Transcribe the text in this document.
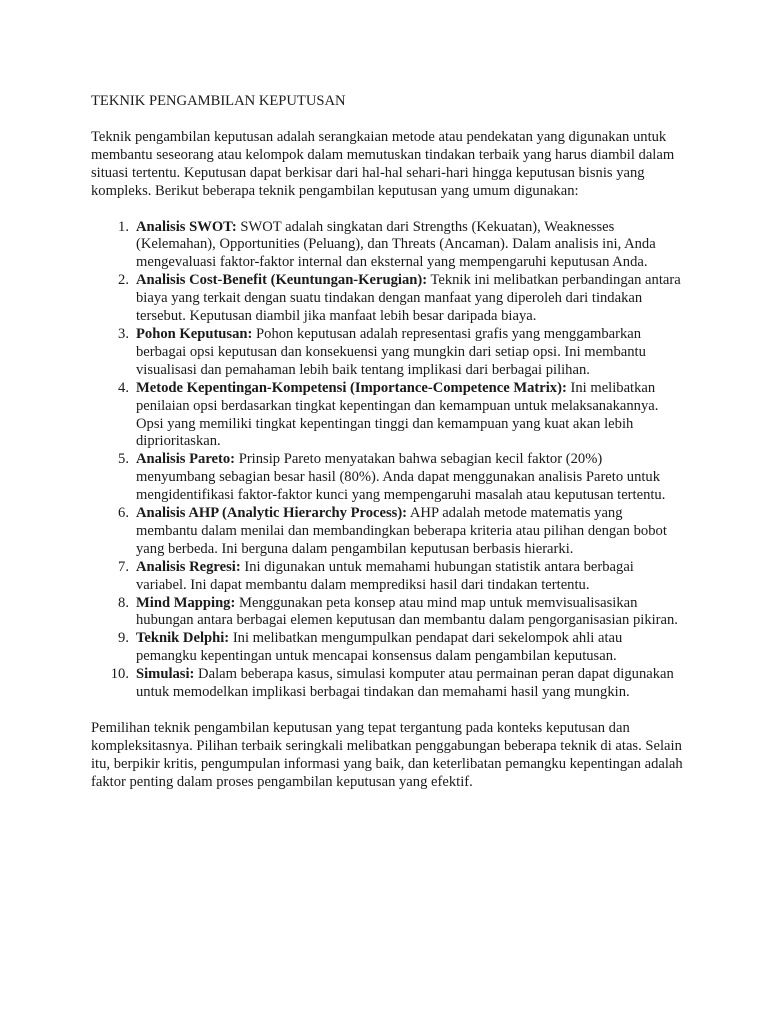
TEKNIK PENGAMBILAN KEPUTUSAN

Teknik pengambilan keputusan adalah serangkaian metode atau pendekatan yang digunakan untuk membantu seseorang atau kelompok dalam memutuskan tindakan terbaik yang harus diambil dalam situasi tertentu. Keputusan dapat berkisar dari hal-hal sehari-hari hingga keputusan bisnis yang kompleks. Berikut beberapa teknik pengambilan keputusan yang umum digunakan:

1. Analisis SWOT: SWOT adalah singkatan dari Strengths (Kekuatan), Weaknesses (Kelemahan), Opportunities (Peluang), dan Threats (Ancaman). Dalam analisis ini, Anda mengevaluasi faktor-faktor internal dan eksternal yang mempengaruhi keputusan Anda.
2. Analisis Cost-Benefit (Keuntungan-Kerugian): Teknik ini melibatkan perbandingan antara biaya yang terkait dengan suatu tindakan dengan manfaat yang diperoleh dari tindakan tersebut. Keputusan diambil jika manfaat lebih besar daripada biaya.
3. Pohon Keputusan: Pohon keputusan adalah representasi grafis yang menggambarkan berbagai opsi keputusan dan konsekuensi yang mungkin dari setiap opsi. Ini membantu visualisasi dan pemahaman lebih baik tentang implikasi dari berbagai pilihan.
4. Metode Kepentingan-Kompetensi (Importance-Competence Matrix): Ini melibatkan penilaian opsi berdasarkan tingkat kepentingan dan kemampuan untuk melaksanakannya. Opsi yang memiliki tingkat kepentingan tinggi dan kemampuan yang kuat akan lebih diprioritaskan.
5. Analisis Pareto: Prinsip Pareto menyatakan bahwa sebagian kecil faktor (20%) menyumbang sebagian besar hasil (80%). Anda dapat menggunakan analisis Pareto untuk mengidentifikasi faktor-faktor kunci yang mempengaruhi masalah atau keputusan tertentu.
6. Analisis AHP (Analytic Hierarchy Process): AHP adalah metode matematis yang membantu dalam menilai dan membandingkan beberapa kriteria atau pilihan dengan bobot yang berbeda. Ini berguna dalam pengambilan keputusan berbasis hierarki.
7. Analisis Regresi: Ini digunakan untuk memahami hubungan statistik antara berbagai variabel. Ini dapat membantu dalam memprediksi hasil dari tindakan tertentu.
8. Mind Mapping: Menggunakan peta konsep atau mind map untuk memvisualisasikan hubungan antara berbagai elemen keputusan dan membantu dalam pengorganisasian pikiran.
9. Teknik Delphi: Ini melibatkan mengumpulkan pendapat dari sekelompok ahli atau pemangku kepentingan untuk mencapai konsensus dalam pengambilan keputusan.
10. Simulasi: Dalam beberapa kasus, simulasi komputer atau permainan peran dapat digunakan untuk memodelkan implikasi berbagai tindakan dan memahami hasil yang mungkin.

Pemilihan teknik pengambilan keputusan yang tepat tergantung pada konteks keputusan dan kompleksitasnya. Pilihan terbaik seringkali melibatkan penggabungan beberapa teknik di atas. Selain itu, berpikir kritis, pengumpulan informasi yang baik, dan keterlibatan pemangku kepentingan adalah faktor penting dalam proses pengambilan keputusan yang efektif.
